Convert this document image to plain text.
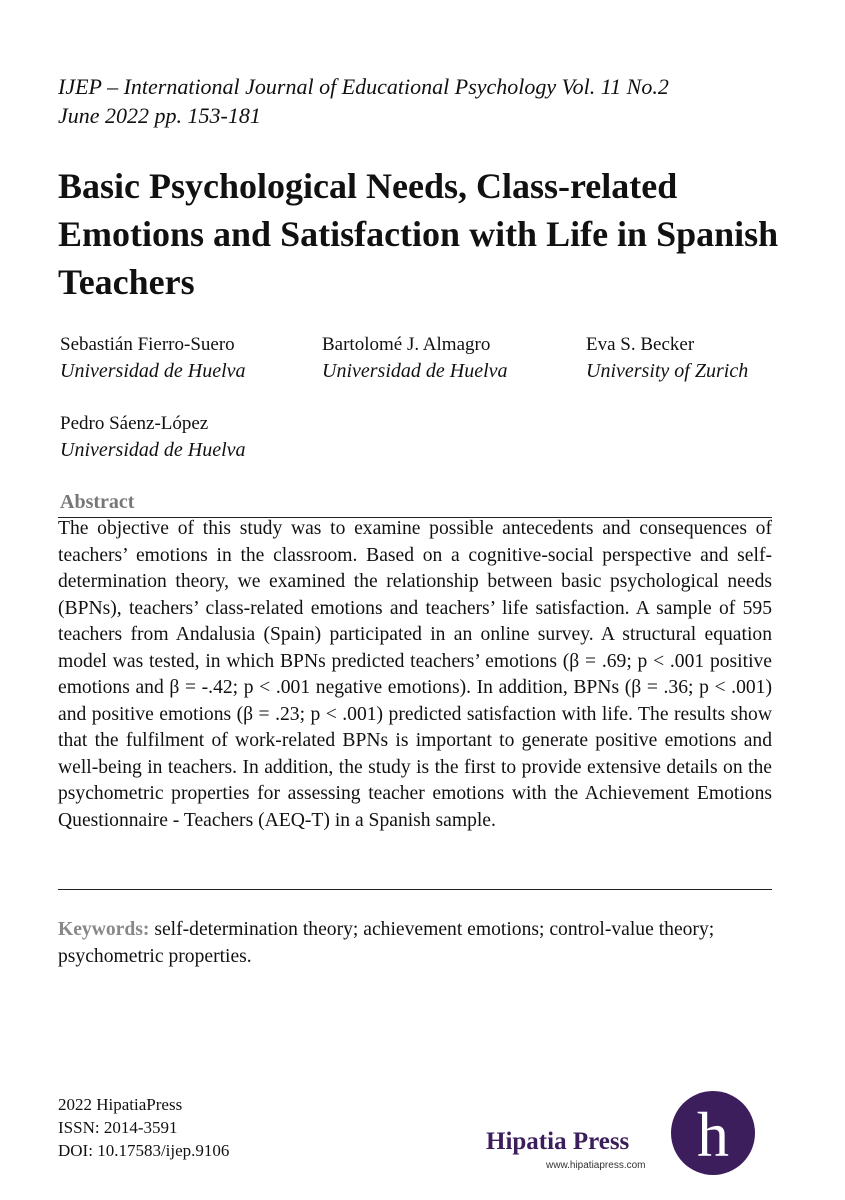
IJEP – International Journal of Educational Psychology Vol. 11 No.2
June 2022 pp. 153-181
Basic Psychological Needs, Class-related Emotions and Satisfaction with Life in Spanish Teachers
Sebastián Fierro-Suero
Universidad de Huelva
Bartolomé J. Almagro
Universidad de Huelva
Eva S. Becker
University of Zurich
Pedro Sáenz-López
Universidad de Huelva
Abstract

The objective of this study was to examine possible antecedents and consequences of teachers’ emotions in the classroom. Based on a cognitive-social perspective and self-determination theory, we examined the relationship between basic psychological needs (BPNs), teachers’ class-related emotions and teachers’ life satisfaction. A sample of 595 teachers from Andalusia (Spain) participated in an online survey. A structural equation model was tested, in which BPNs predicted teachers’ emotions (β = .69; p < .001 positive emotions and β = -.42; p < .001 negative emotions). In addition, BPNs (β = .36; p < .001) and positive emotions (β = .23; p < .001) predicted satisfaction with life. The results show that the fulfilment of work-related BPNs is important to generate positive emotions and well-being in teachers. In addition, the study is the first to provide extensive details on the psychometric properties for assessing teacher emotions with the Achievement Emotions Questionnaire - Teachers (AEQ-T) in a Spanish sample.

Keywords: self-determination theory; achievement emotions; control-value theory; psychometric properties.

2022 HipatiaPress
ISSN: 2014-3591
DOI: 10.17583/ijep.9106	Hipatia Press
www.hipatiapress.com h
